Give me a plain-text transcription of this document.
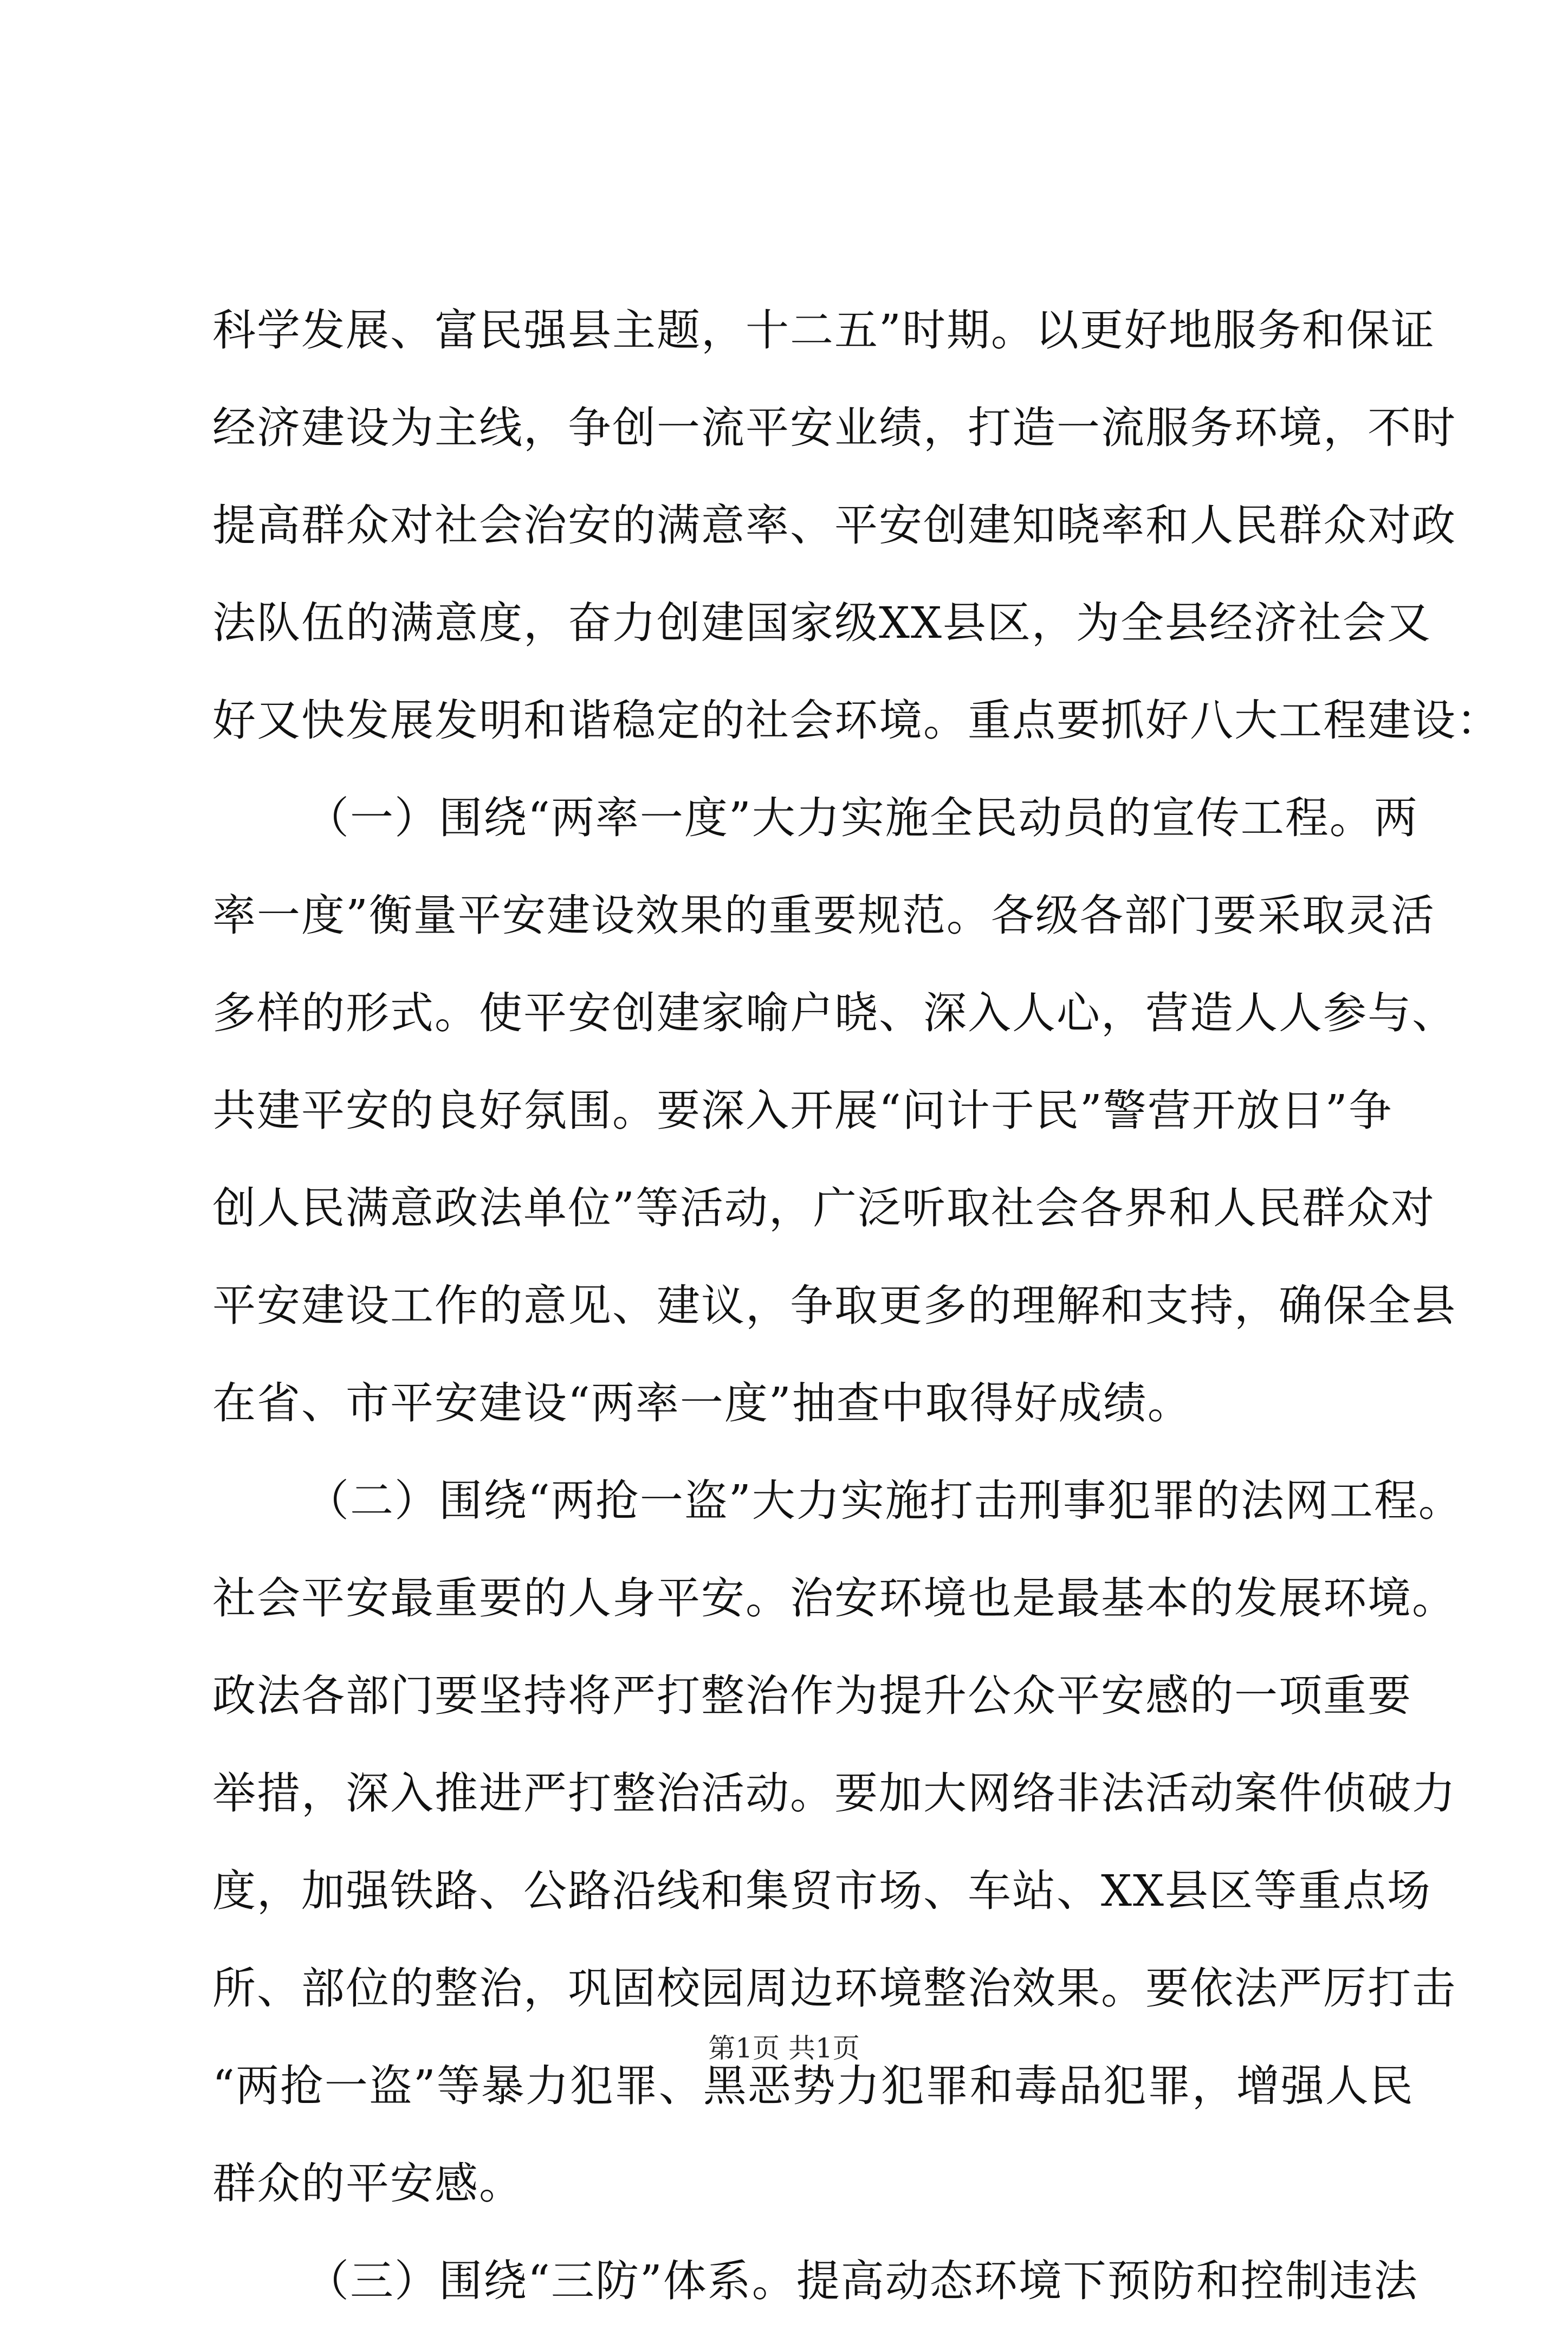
科学发展、富民强县主题，十二五”时期。以更好地服务和保证
经济建设为主线，争创一流平安业绩，打造一流服务环境，不时
提高群众对社会治安的满意率、平安创建知晓率和人民群众对政
法队伍的满意度，奋力创建国家级XX县区，为全县经济社会又
好又快发展发明和谐稳定的社会环境。重点要抓好八大工程建设：
（一）围绕“两率一度”大力实施全民动员的宣传工程。两
率一度”衡量平安建设效果的重要规范。各级各部门要采取灵活
多样的形式。使平安创建家喻户晓、深入人心，营造人人参与、
共建平安的良好氛围。要深入开展“问计于民”警营开放日”争
创人民满意政法单位”等活动，广泛听取社会各界和人民群众对
平安建设工作的意见、建议，争取更多的理解和支持，确保全县
在省、市平安建设“两率一度”抽查中取得好成绩。
（二）围绕“两抢一盗”大力实施打击刑事犯罪的法网工程。
社会平安最重要的人身平安。治安环境也是最基本的发展环境。
政法各部门要坚持将严打整治作为提升公众平安感的一项重要
举措，深入推进严打整治活动。要加大网络非法活动案件侦破力
度，加强铁路、公路沿线和集贸市场、车站、XX县区等重点场
所、部位的整治，巩固校园周边环境整治效果。要依法严厉打击
“两抢一盗”等暴力犯罪、黑恶势力犯罪和毒品犯罪，增强人民
群众的平安感。
（三）围绕“三防”体系。提高动态环境下预防和控制违法
第1页 共1页
